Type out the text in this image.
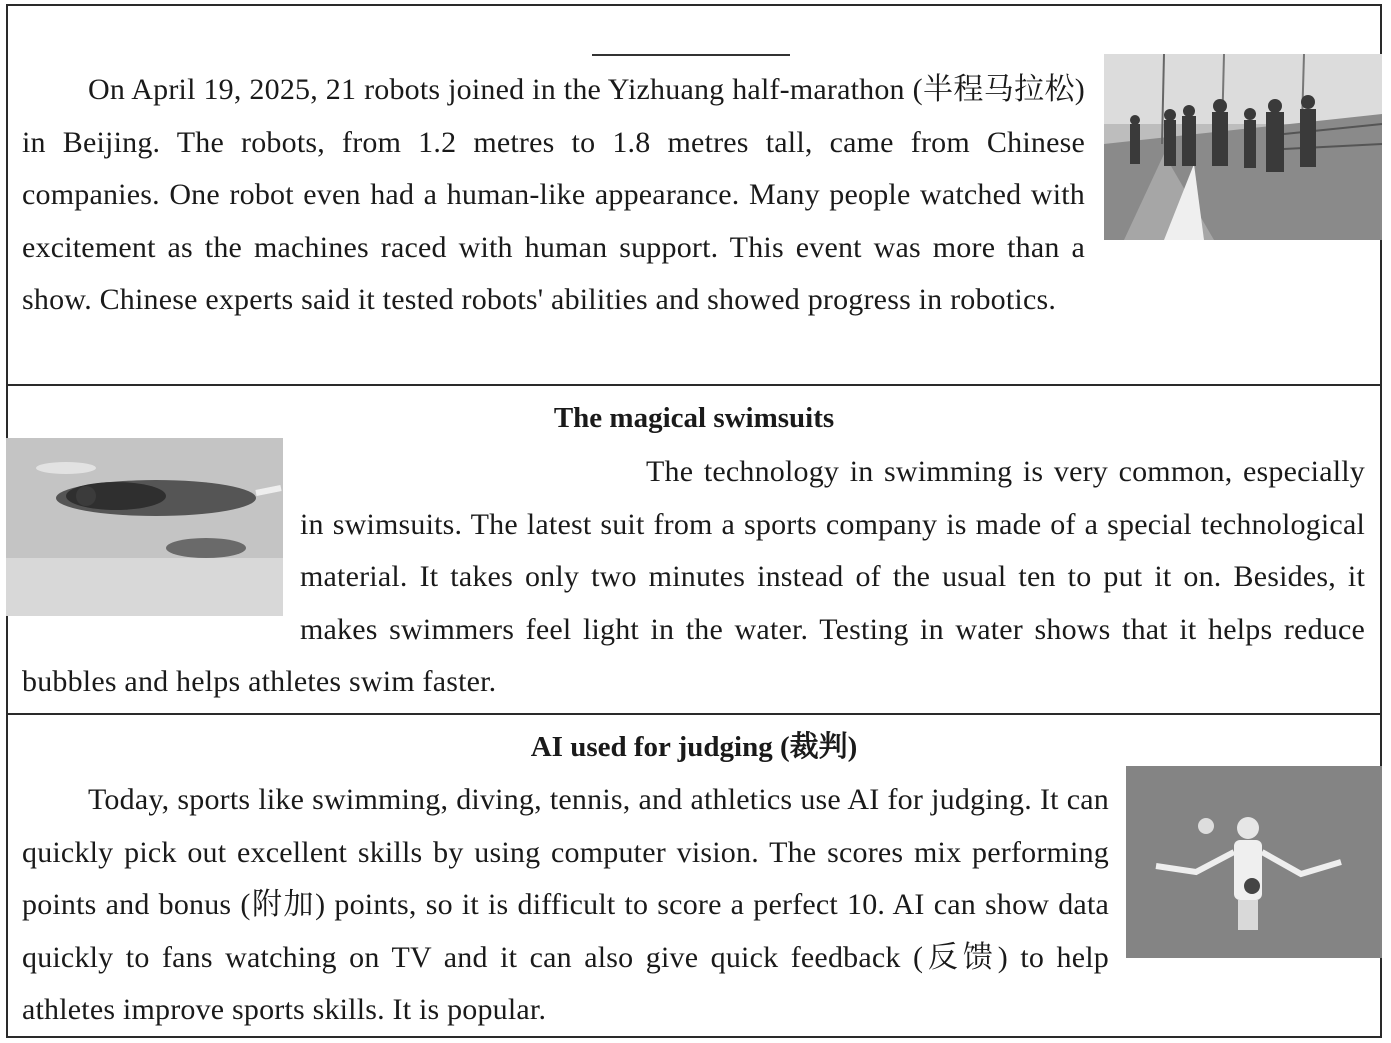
On April 19, 2025, 21 robots joined in the Yizhuang half-marathon (半程马拉松) in Beijing. The robots, from 1.2 metres to 1.8 metres tall, came from Chinese companies. One robot even had a human-like appearance. Many people watched with excitement as the machines raced with human support. This event was more than a show. Chinese experts said it tested robots' abilities and showed progress in robotics.

The magical swimsuits

The technology in swimming is very common, especially in swimsuits. The latest suit from a sports company is made of a special technological material. It takes only two minutes instead of the usual ten to put it on. Besides, it makes swimmers feel light in the water. Testing in water shows that it helps reduce bubbles and helps athletes swim faster.

AI used for judging (裁判)

Today, sports like swimming, diving, tennis, and athletics use AI for judging. It can quickly pick out excellent skills by using computer vision. The scores mix performing points and bonus (附加) points, so it is difficult to score a perfect 10. AI can show data quickly to fans watching on TV and it can also give quick feedback (反馈) to help athletes improve sports skills. It is popular.
